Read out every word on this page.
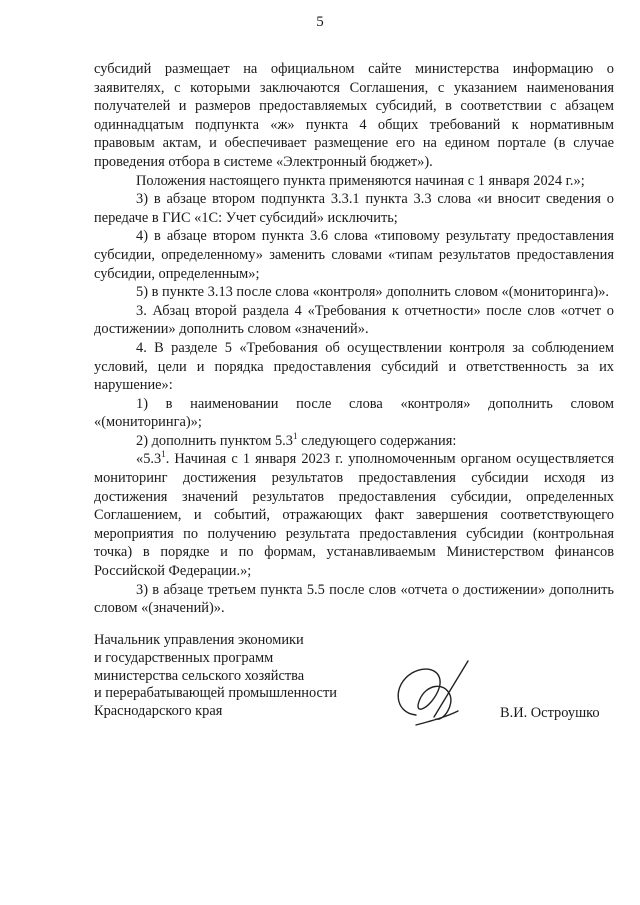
5

субсидий размещает на официальном сайте министерства информацию о заявителях, с которыми заключаются Соглашения, с указанием наименования получателей и размеров предоставляемых субсидий, в соответствии с абзацем одиннадцатым подпункта «ж» пункта 4 общих требований к нормативным правовым актам, и обеспечивает размещение его на едином портале (в случае проведения отбора в системе «Электронный бюджет»).

Положения настоящего пункта применяются начиная с 1 января 2024 г.»;

3) в абзаце втором подпункта 3.3.1 пункта 3.3 слова «и вносит сведения о передаче в ГИС «1С: Учет субсидий» исключить;

4) в абзаце втором пункта 3.6 слова «типовому результату предоставления субсидии, определенному» заменить словами «типам результатов предоставления субсидии, определенным»;

5) в пункте 3.13 после слова «контроля» дополнить словом «(мониторинга)».

3. Абзац второй раздела 4 «Требования к отчетности» после слов «отчет о достижении» дополнить словом «значений».

4. В разделе 5 «Требования об осуществлении контроля за соблюдением условий, цели и порядка предоставления субсидий и ответственность за их нарушение»:

1) в наименовании после слова «контроля» дополнить словом «(мониторинга)»;

2) дополнить пунктом $5.3^1$ следующего содержания:

«$5.3^1$. Начиная с 1 января 2023 г. уполномоченным органом осуществляется мониторинг достижения результатов предоставления субсидии исходя из достижения значений результатов предоставления субсидии, определенных Соглашением, и событий, отражающих факт завершения соответствующего мероприятия по получению результата предоставления субсидии (контрольная точка) в порядке и по формам, устанавливаемым Министерством финансов Российской Федерации.»;

3) в абзаце третьем пункта 5.5 после слов «отчета о достижении» дополнить словом «(значений)».

Начальник управления экономики
и государственных программ
министерства сельского хозяйства
и перерабатывающей промышленности
Краснодарского края	В.И. Остроушко
